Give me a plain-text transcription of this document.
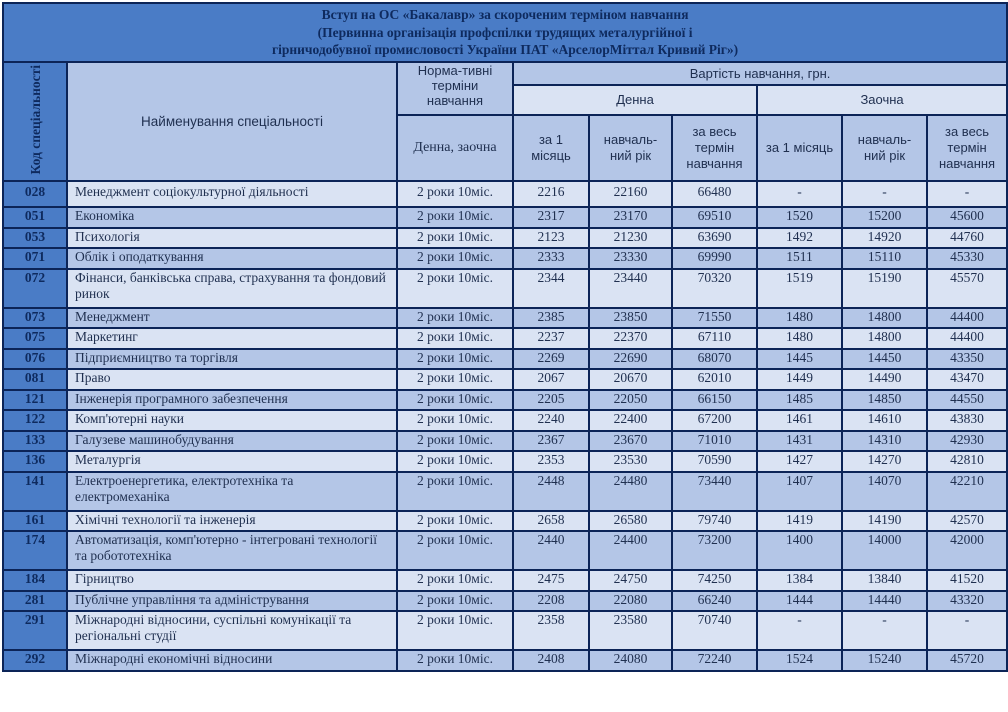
Вступ на ОС «Бакалавр» за скороченим терміном навчання
(Первинна організація профспілки трудящих металургійної і
гірничодобувної промисловості України ПАТ «АрселорМіттал Кривий Ріг»)								

Код спеціальності	Найменування спеціальності	Норма-тивні терміни навчання	Вартість навчання, грн.					
			Денна			Заочна		
		Денна, заочна	за 1 місяць	навчаль-ний рік	за весь термін навчання	за 1 місяць	навчаль-ний рік	за весь термін навчання
028	Менеджмент соціокультурної діяльності	2 роки 10міс.	2216	22160	66480	-	-	-
051	Економіка	2 роки 10міс.	2317	23170	69510	1520	15200	45600
053	Психологія	2 роки 10міс.	2123	21230	63690	1492	14920	44760
071	Облік і оподаткування	2 роки 10міс.	2333	23330	69990	1511	15110	45330
072	Фінанси, банківська справа, страхування та фондовий ринок	2 роки 10міс.	2344	23440	70320	1519	15190	45570
073	Менеджмент	2 роки 10міс.	2385	23850	71550	1480	14800	44400
075	Маркетинг	2 роки 10міс.	2237	22370	67110	1480	14800	44400
076	Підприємництво та торгівля	2 роки 10міс.	2269	22690	68070	1445	14450	43350
081	Право	2 роки 10міс.	2067	20670	62010	1449	14490	43470
121	Інженерія програмного забезпечення	2 роки 10міс.	2205	22050	66150	1485	14850	44550
122	Комп'ютерні науки	2 роки 10міс.	2240	22400	67200	1461	14610	43830
133	Галузеве машинобудування	2 роки 10міс.	2367	23670	71010	1431	14310	42930
136	Металургія	2 роки 10міс.	2353	23530	70590	1427	14270	42810
141	Електроенергетика, електротехніка та електромеханіка	2 роки 10міс.	2448	24480	73440	1407	14070	42210
161	Хімічні технології та інженерія	2 роки 10міс.	2658	26580	79740	1419	14190	42570
174	Автоматизація, комп'ютерно - інтегровані технології та робототехніка	2 роки 10міс.	2440	24400	73200	1400	14000	42000
184	Гірництво	2 роки 10міс.	2475	24750	74250	1384	13840	41520
281	Публічне управління та адміністрування	2 роки 10міс.	2208	22080	66240	1444	14440	43320
291	Міжнародні відносини, суспільні комунікації та регіональні студії	2 роки 10міс.	2358	23580	70740	-	-	-
292	Міжнародні економічні відносини	2 роки 10міс.	2408	24080	72240	1524	15240	45720
